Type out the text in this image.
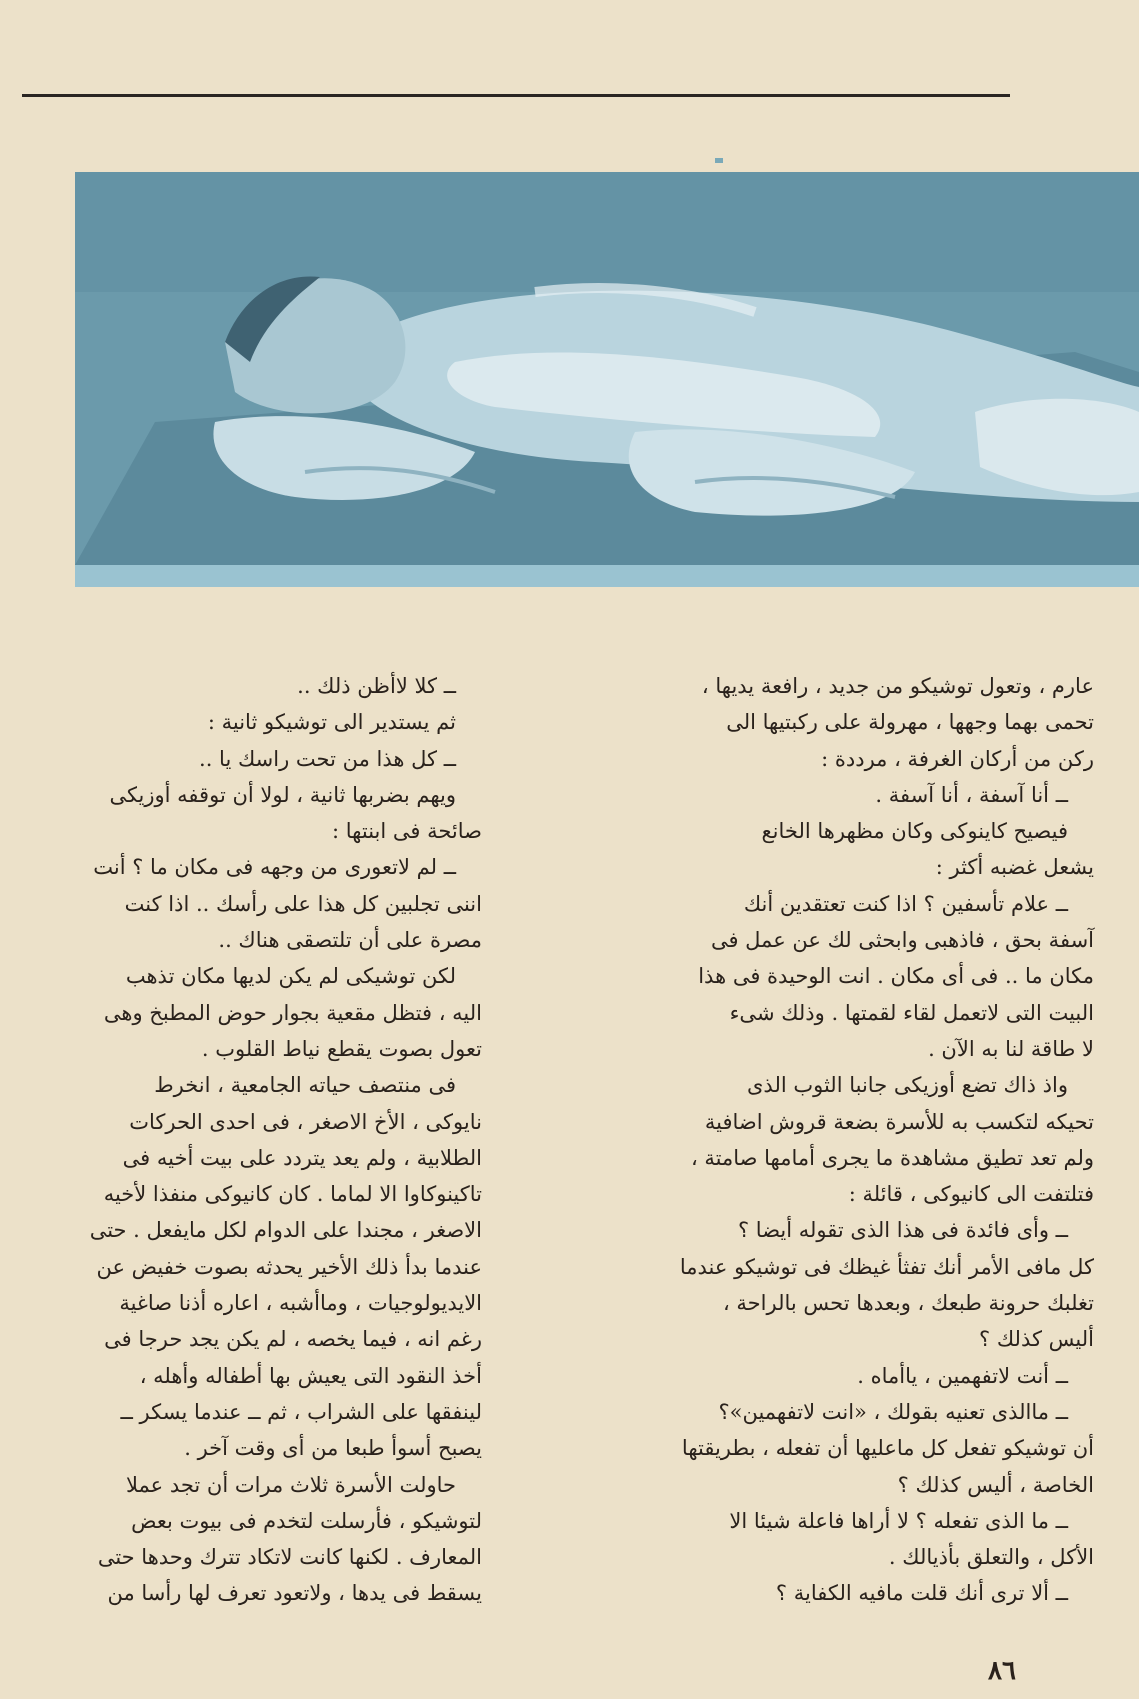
عارم ، وتعول توشيكو من جديد ، رافعة يديها ،

تحمى بهما وجهها ، مهرولة على ركبتيها الى

ركن من أركان الغرفة ، مرددة :

ــ أنا آسفة ، أنا آسفة .

فيصيح كاينوكى وكان مظهرها الخانع

يشعل غضبه أكثر :

ــ علام تأسفين ؟ اذا كنت تعتقدين أنك

آسفة بحق ، فاذهبى وابحثى لك عن عمل فى

مكان ما .. فى أى مكان . انت الوحيدة فى هذا

البيت التى لاتعمل لقاء لقمتها . وذلك شىء

لا طاقة لنا به الآن .

واذ ذاك تضع أوزيكى جانبا الثوب الذى

تحيكه لتكسب به للأسرة بضعة قروش اضافية

ولم تعد تطيق مشاهدة ما يجرى أمامها صامتة ،

فتلتفت الى كانيوكى ، قائلة :

ــ وأى فائدة فى هذا الذى تقوله أيضا ؟

كل مافى الأمر أنك تفثأ غيظك فى توشيكو عندما

تغلبك حرونة طبعك ، وبعدها تحس بالراحة ،

أليس كذلك ؟

ــ أنت لاتفهمين ، ياأماه .

ــ ماالذى تعنيه بقولك ، «انت لاتفهمين»؟

أن توشيكو تفعل كل ماعليها أن تفعله ، بطريقتها

الخاصة ، أليس كذلك ؟

ــ ما الذى تفعله ؟ لا أراها فاعلة شيئا الا

الأكل ، والتعلق بأذيالك .

ــ ألا ترى أنك قلت مافيه الكفاية ؟

ــ كلا لاأظن ذلك ..

ثم يستدير الى توشيكو ثانية :

ــ كل هذا من تحت راسك يا ..

ويهم بضربها ثانية ، لولا أن توقفه أوزيكى

صائحة فى ابنتها :

ــ لم لاتعورى من وجهه فى مكان ما ؟ أنت

اننى تجلبين كل هذا على رأسك .. اذا كنت

مصرة على أن تلتصقى هناك ..

لكن توشيكى لم يكن لديها مكان تذهب

اليه ، فتظل مقعية بجوار حوض المطبخ وهى

تعول بصوت يقطع نياط القلوب .

فى منتصف حياته الجامعية ، انخرط

نايوكى ، الأخ الاصغر ، فى احدى الحركات

الطلابية ، ولم يعد يتردد على بيت أخيه فى

تاكينوكاوا الا لماما . كان كانيوكى منفذا لأخيه

الاصغر ، مجندا على الدوام لكل مايفعل . حتى

عندما بدأ ذلك الأخير يحدثه بصوت خفيض عن

الايديولوجيات ، وماأشبه ، اعاره أذنا صاغية

رغم انه ، فيما يخصه ، لم يكن يجد حرجا فى

أخذ النقود التى يعيش بها أطفاله وأهله ،

لينفقها على الشراب ، ثم ــ عندما يسكر ــ

يصبح أسوأ طبعا من أى وقت آخر .

حاولت الأسرة ثلاث مرات أن تجد عملا

لتوشيكو ، فأرسلت لتخدم فى بيوت بعض

المعارف . لكنها كانت لاتكاد تترك وحدها حتى

يسقط فى يدها ، ولاتعود تعرف لها رأسا من

٨٦
